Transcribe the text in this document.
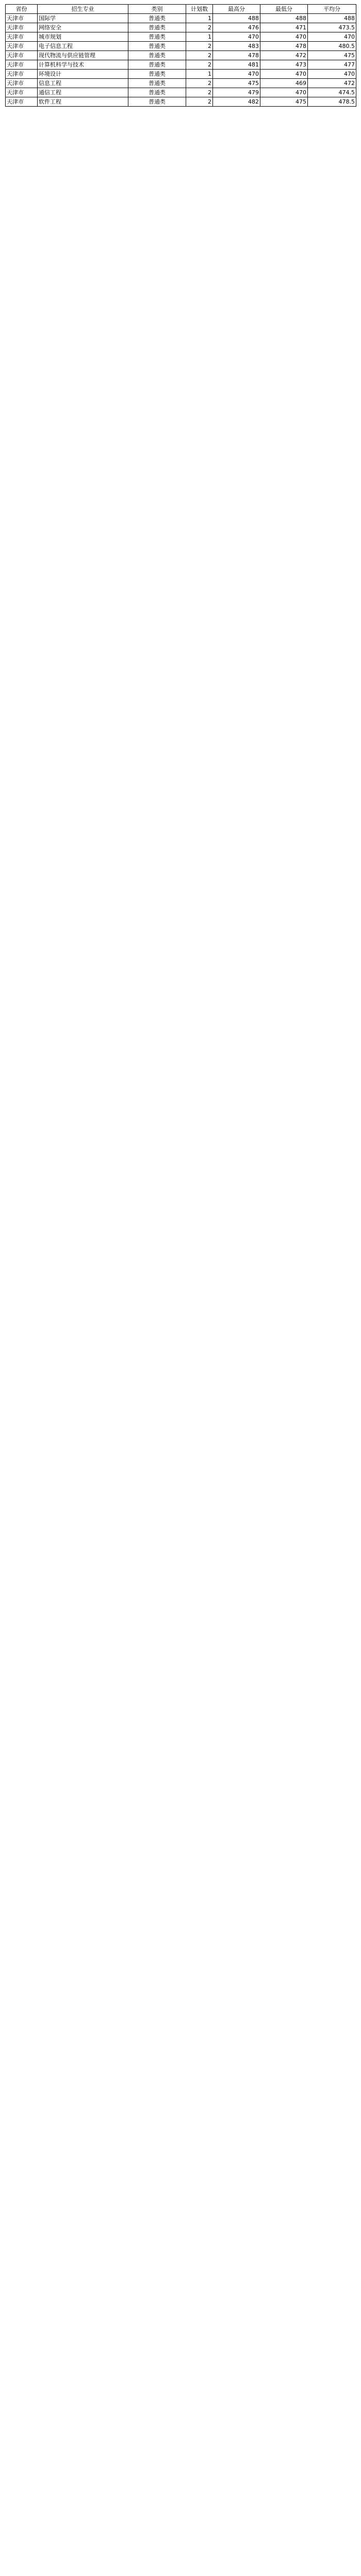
省份	招生专业	类别	计划数	最高分	最低分	平均分
天津市	国际学	普通类	1	488	488	488
天津市	网络安全	普通类	2	476	471	473.5
天津市	城市规划	普通类	1	470	470	470
天津市	电子信息工程	普通类	2	483	478	480.5
天津市	现代物流与供应链管理	普通类	2	478	472	475
天津市	计算机科学与技术	普通类	2	481	473	477
天津市	环境设计	普通类	1	470	470	470
天津市	信息工程	普通类	2	475	469	472
天津市	通信工程	普通类	2	479	470	474.5
天津市	软件工程	普通类	2	482	475	478.5
